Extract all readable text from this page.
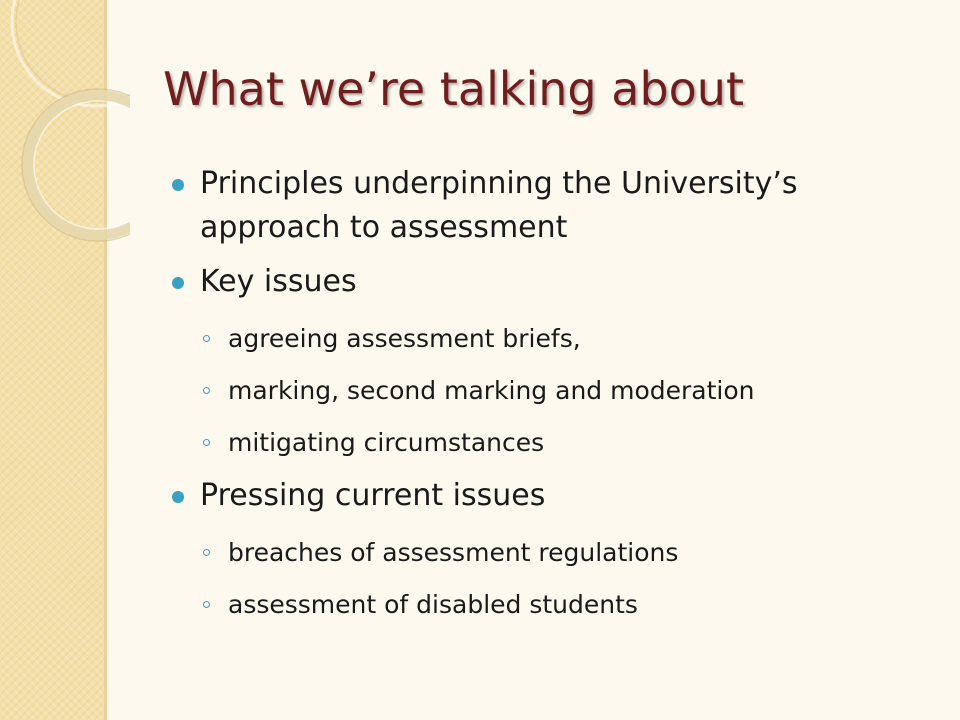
What we’re talking about
Principles underpinning the University’s approach to assessment
Key issues
agreeing assessment briefs,
marking, second marking and moderation
mitigating circumstances
Pressing current issues
breaches of assessment regulations
assessment of disabled students
